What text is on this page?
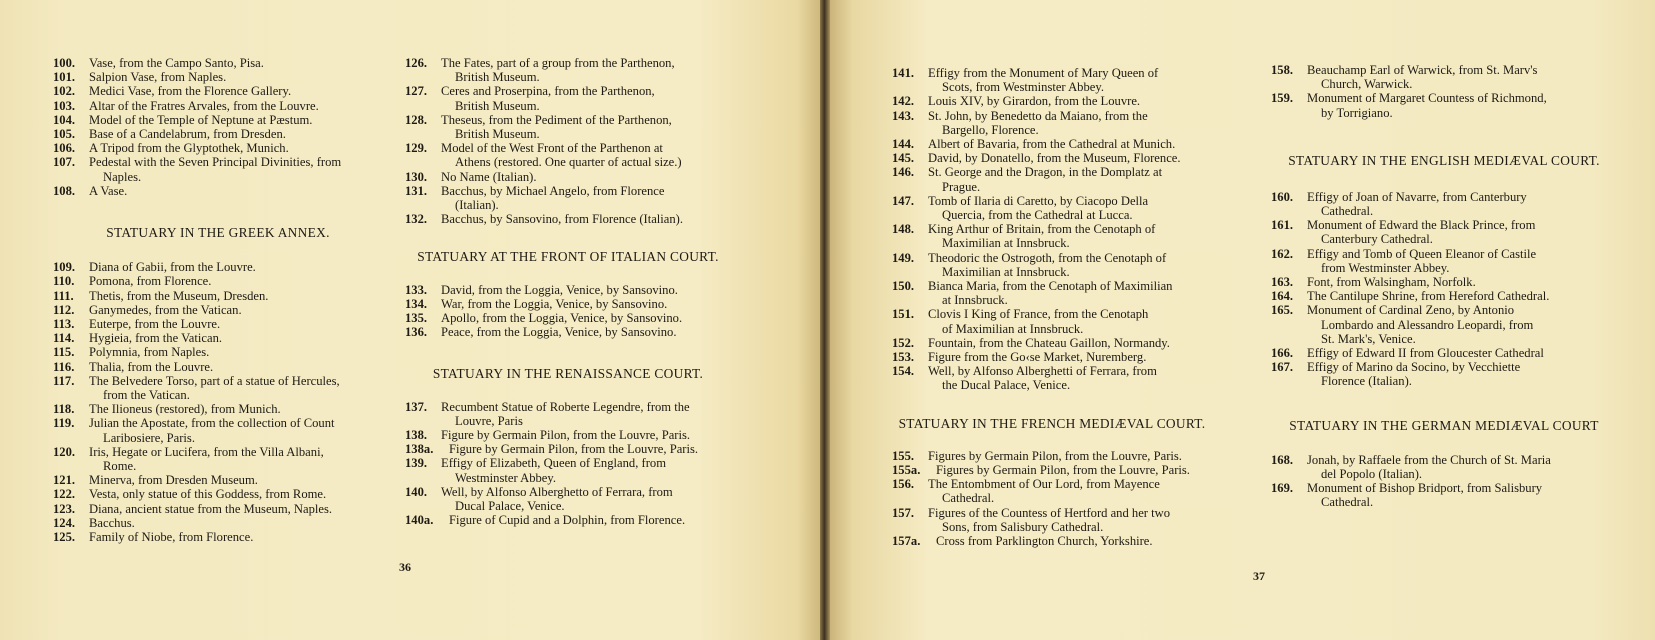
100.	Vase, from the Campo Santo, Pisa.
101.	Salpion Vase, from Naples.
102.	Medici Vase, from the Florence Gallery.
103.	Altar of the Fratres Arvales, from the Louvre.
104.	Model of the Temple of Neptune at Pæstum.
105.	Base of a Candelabrum, from Dresden.
106.	A Tripod from the Glyptothek, Munich.
107.	Pedestal with the Seven Principal Divinities, from
Naples.
108.	A Vase.
STATUARY IN THE GREEK ANNEX.
109.	Diana of Gabii, from the Louvre.
110.	Pomona, from Florence.
111.	Thetis, from the Museum, Dresden.
112.	Ganymedes, from the Vatican.
113.	Euterpe, from the Louvre.
114.	Hygieia, from the Vatican.
115.	Polymnia, from Naples.
116.	Thalia, from the Louvre.
117.	The Belvedere Torso, part of a statue of Hercules,
from the Vatican.
118.	The Ilioneus (restored), from Munich.
119.	Julian the Apostate, from the collection of Count
Laribosiere, Paris.
120.	Iris, Hegate or Lucifera, from the Villa Albani,
Rome.
121.	Minerva, from Dresden Museum.
122.	Vesta, only statue of this Goddess, from Rome.
123.	Diana, ancient statue from the Museum, Naples.
124.	Bacchus.
125.	Family of Niobe, from Florence.
126.	The Fates, part of a group from the Parthenon,
British Museum.
127.	Ceres and Proserpina, from the Parthenon,
British Museum.
128.	Theseus, from the Pediment of the Parthenon,
British Museum.
129.	Model of the West Front of the Parthenon at
Athens (restored. One quarter of actual size.)
130.	No Name (Italian).
131.	Bacchus, by Michael Angelo, from Florence
(Italian).
132.	Bacchus, by Sansovino, from Florence (Italian).
STATUARY AT THE FRONT OF ITALIAN COURT.
133.	David, from the Loggia, Venice, by Sansovino.
134.	War, from the Loggia, Venice, by Sansovino.
135.	Apollo, from the Loggia, Venice, by Sansovino.
136.	Peace, from the Loggia, Venice, by Sansovino.
STATUARY IN THE RENAISSANCE COURT.
137.	Recumbent Statue of Roberte Legendre, from the
Louvre, Paris
138.	Figure by Germain Pilon, from the Louvre, Paris.
138a.	Figure by Germain Pilon, from the Louvre, Paris.
139.	Effigy of Elizabeth, Queen of England, from
Westminster Abbey.
140.	Well, by Alfonso Alberghetto of Ferrara, from
Ducal Palace, Venice.
140a.	Figure of Cupid and a Dolphin, from Florence.
36
141.	Effigy from the Monument of Mary Queen of
Scots, from Westminster Abbey.
142.	Louis XIV, by Girardon, from the Louvre.
143.	St. John, by Benedetto da Maiano, from the
Bargello, Florence.
144.	Albert of Bavaria, from the Cathedral at Munich.
145.	David, by Donatello, from the Museum, Florence.
146.	St. George and the Dragon, in the Domplatz at
Prague.
147.	Tomb of Ilaria di Caretto, by Ciacopo Della
Quercia, from the Cathedral at Lucca.
148.	King Arthur of Britain, from the Cenotaph of
Maximilian at Innsbruck.
149.	Theodoric the Ostrogoth, from the Cenotaph of
Maximilian at Innsbruck.
150.	Bianca Maria, from the Cenotaph of Maximilian
at Innsbruck.
151.	Clovis I King of France, from the Cenotaph
of Maximilian at Innsbruck.
152.	Fountain, from the Chateau Gaillon, Normandy.
153.	Figure from the Go‹se Market, Nuremberg.
154.	Well, by Alfonso Alberghetti of Ferrara, from
the Ducal Palace, Venice.
STATUARY IN THE FRENCH MEDIÆVAL COURT.
155.	Figures by Germain Pilon, from the Louvre, Paris.
155a.	Figures by Germain Pilon, from the Louvre, Paris.
156.	The Entombment of Our Lord, from Mayence
Cathedral.
157.	Figures of the Countess of Hertford and her two
Sons, from Salisbury Cathedral.
157a.	Cross from Parklington Church, Yorkshire.
158.	Beauchamp Earl of Warwick, from St. Marv's
Church, Warwick.
159.	Monument of Margaret Countess of Richmond,
by Torrigiano.
STATUARY IN THE ENGLISH MEDIÆVAL COURT.
160.	Effigy of Joan of Navarre, from Canterbury
Cathedral.
161.	Monument of Edward the Black Prince, from
Canterbury Cathedral.
162.	Effigy and Tomb of Queen Eleanor of Castile
from Westminster Abbey.
163.	Font, from Walsingham, Norfolk.
164.	The Cantilupe Shrine, from Hereford Cathedral.
165.	Monument of Cardinal Zeno, by Antonio
Lombardo and Alessandro Leopardi, from
St. Mark's, Venice.
166.	Effigy of Edward II from Gloucester Cathedral
167.	Effigy of Marino da Socino, by Vecchiette
Florence (Italian).
STATUARY IN THE GERMAN MEDIÆVAL COURT
168.	Jonah, by Raffaele from the Church of St. Maria
del Popolo (Italian).
169.	Monument of Bishop Bridport, from Salisbury
Cathedral.
37
